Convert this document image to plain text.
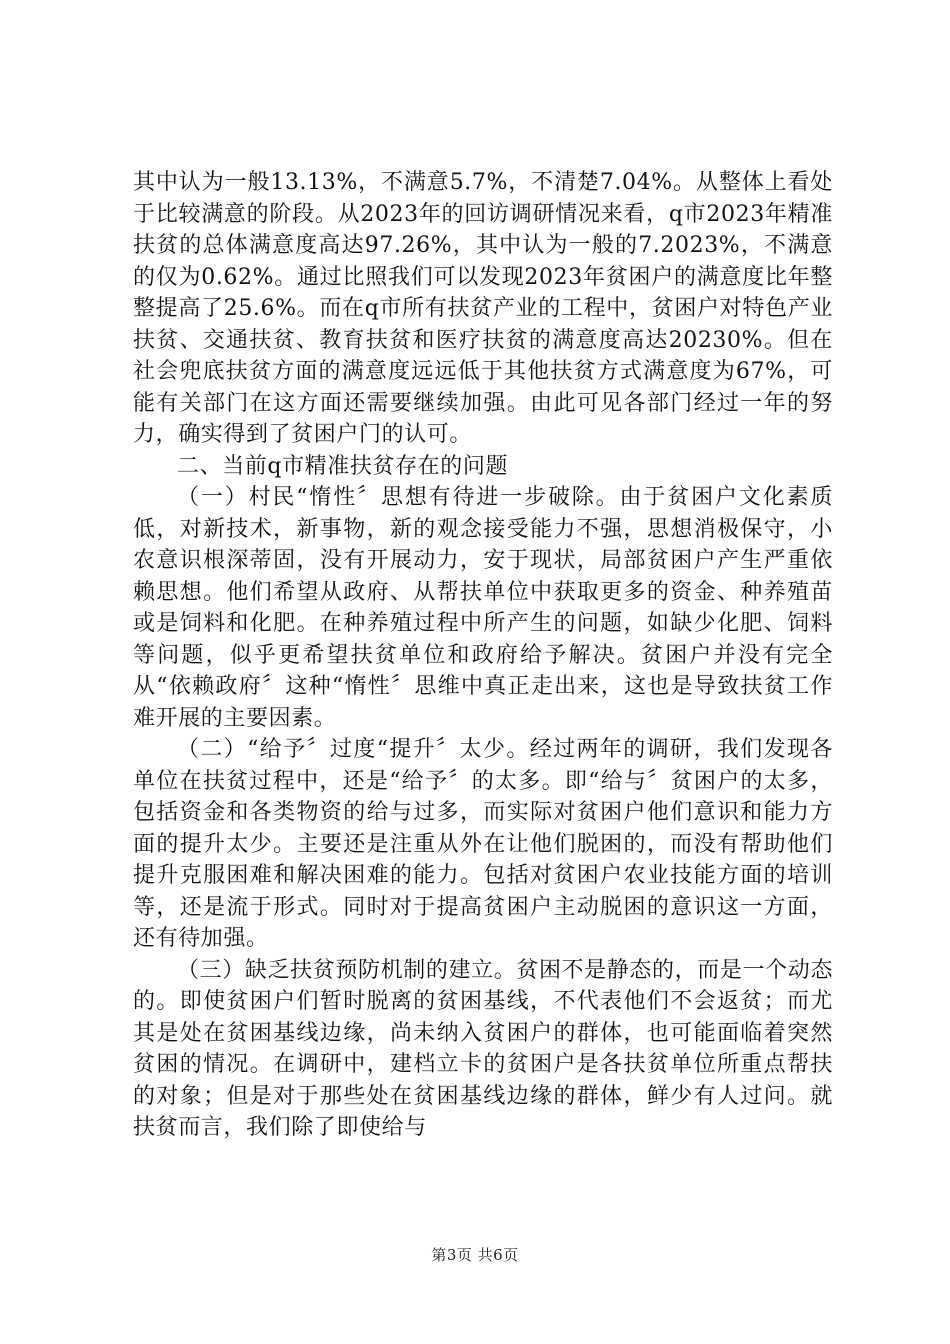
其中认为一般13.13%，不满意5.7%，不清楚7.04%。从整体上看处于比较满意的阶段。从2023年的回访调研情况来看，q市2023年精准扶贫的总体满意度高达97.26%，其中认为一般的7.2023%，不满意的仅为0.62%。通过比照我们可以发现2023年贫困户的满意度比年整整提高了25.6%。而在q市所有扶贫产业的工程中，贫困户对特色产业扶贫、交通扶贫、教育扶贫和医疗扶贫的满意度高达20230%。但在社会兜底扶贫方面的满意度远远低于其他扶贫方式满意度为67%，可能有关部门在这方面还需要继续加强。由此可见各部门经过一年的努力，确实得到了贫困户门的认可。

二、当前q市精准扶贫存在的问题

（一）村民“惰性〞思想有待进一步破除。由于贫困户文化素质低，对新技术，新事物，新的观念接受能力不强，思想消极保守，小农意识根深蒂固，没有开展动力，安于现状，局部贫困户产生严重依赖思想。他们希望从政府、从帮扶单位中获取更多的资金、种养殖苗或是饲料和化肥。在种养殖过程中所产生的问题，如缺少化肥、饲料等问题，似乎更希望扶贫单位和政府给予解决。贫困户并没有完全从“依赖政府〞这种“惰性〞思维中真正走出来，这也是导致扶贫工作难开展的主要因素。

（二）“给予〞过度“提升〞太少。经过两年的调研，我们发现各单位在扶贫过程中，还是“给予〞的太多。即“给与〞贫困户的太多，包括资金和各类物资的给与过多，而实际对贫困户他们意识和能力方面的提升太少。主要还是注重从外在让他们脱困的，而没有帮助他们提升克服困难和解决困难的能力。包括对贫困户农业技能方面的培训等，还是流于形式。同时对于提高贫困户主动脱困的意识这一方面，还有待加强。

（三）缺乏扶贫预防机制的建立。贫困不是静态的，而是一个动态的。即使贫困户们暂时脱离的贫困基线，不代表他们不会返贫；而尤其是处在贫困基线边缘，尚未纳入贫困户的群体，也可能面临着突然贫困的情况。在调研中，建档立卡的贫困户是各扶贫单位所重点帮扶的对象；但是对于那些处在贫困基线边缘的群体，鲜少有人过问。就扶贫而言，我们除了即使给与

第3页 共6页
